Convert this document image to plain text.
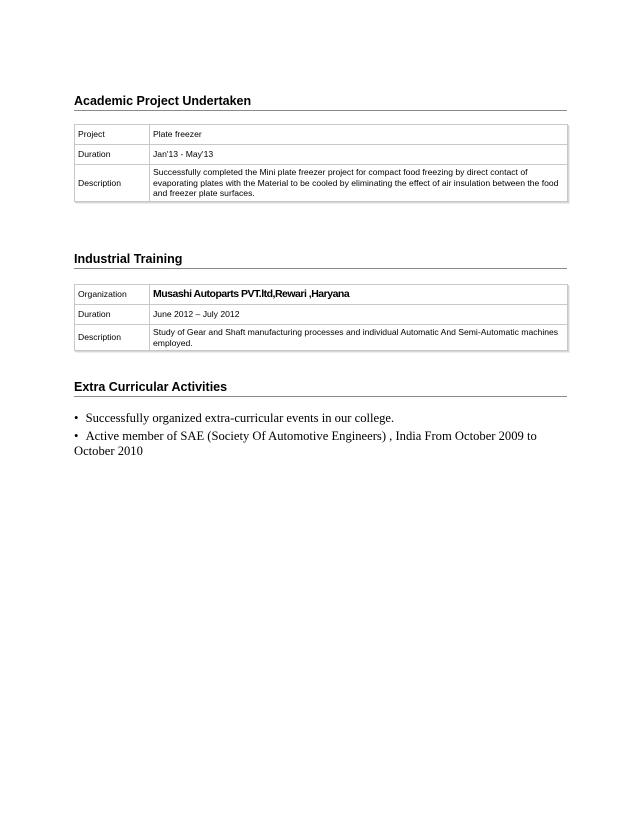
Academic Project Undertaken
Project	Plate freezer
Duration	Jan'13 - May'13
Description	Successfully completed the Mini plate freezer project for compact food freezing by direct contact of evaporating plates with the Material to be cooled by eliminating the effect of air insulation between the food and freezer plate surfaces.
Industrial Training
Organization	Musashi Autoparts PVT.ltd,Rewari ,Haryana
Duration	June 2012 – July 2012
Description	Study of Gear and Shaft manufacturing processes and individual Automatic And Semi-Automatic machines employed.
Extra Curricular Activities
• Successfully organized extra-curricular events in our college.
• Active member of SAE (Society Of Automotive Engineers) , India From October 2009 to October 2010
